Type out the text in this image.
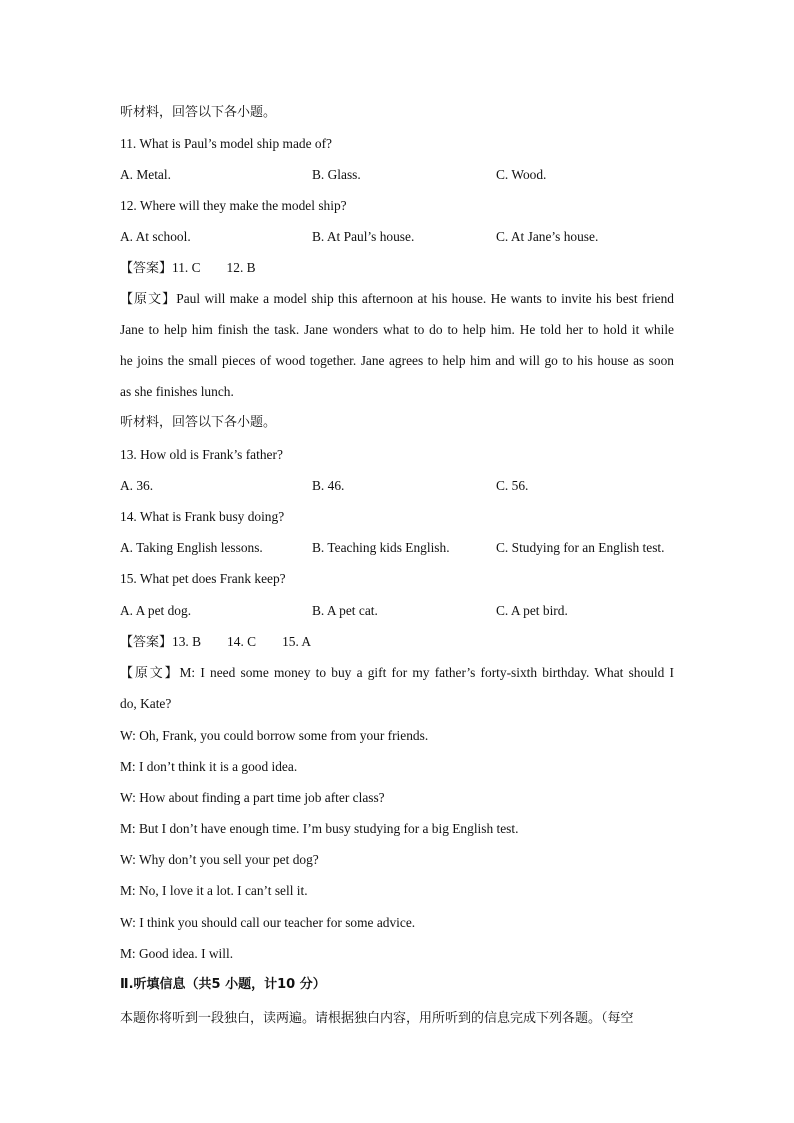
听材料，回答以下各小题。
11. What is Paul’s model ship made of?
A. Metal.	B. Glass.	C. Wood.
12. Where will they make the model ship?
A. At school.	B. At Paul’s house.	C. At Jane’s house.
【答案】11. C 12. B
【原文】Paul will make a model ship this afternoon at his house. He wants to invite his best friend
Jane to help him finish the task. Jane wonders what to do to help him. He told her to hold it while
he joins the small pieces of wood together. Jane agrees to help him and will go to his house as soon
as she finishes lunch.
听材料，回答以下各小题。
13. How old is Frank’s father?
A. 36.	B. 46.	C. 56.
14. What is Frank busy doing?
A. Taking English lessons.	B. Teaching kids English.	C. Studying for an English test.
15. What pet does Frank keep?
A. A pet dog.	B. A pet cat.	C. A pet bird.
【答案】13. B 14. C 15. A
【原文】M: I need some money to buy a gift for my father’s forty-sixth birthday. What should I
do, Kate?
W: Oh, Frank, you could borrow some from your friends.
M: I don’t think it is a good idea.
W: How about finding a part time job after class?
M: But I don’t have enough time. I’m busy studying for a big English test.
W: Why don’t you sell your pet dog?
M: No, I love it a lot. I can’t sell it.
W: I think you should call our teacher for some advice.
M: Good idea. I will.
Ⅱ.听填信息（共5 小题，计10 分）
本题你将听到一段独白，读两遍。请根据独白内容，用所听到的信息完成下列各题。（每空
